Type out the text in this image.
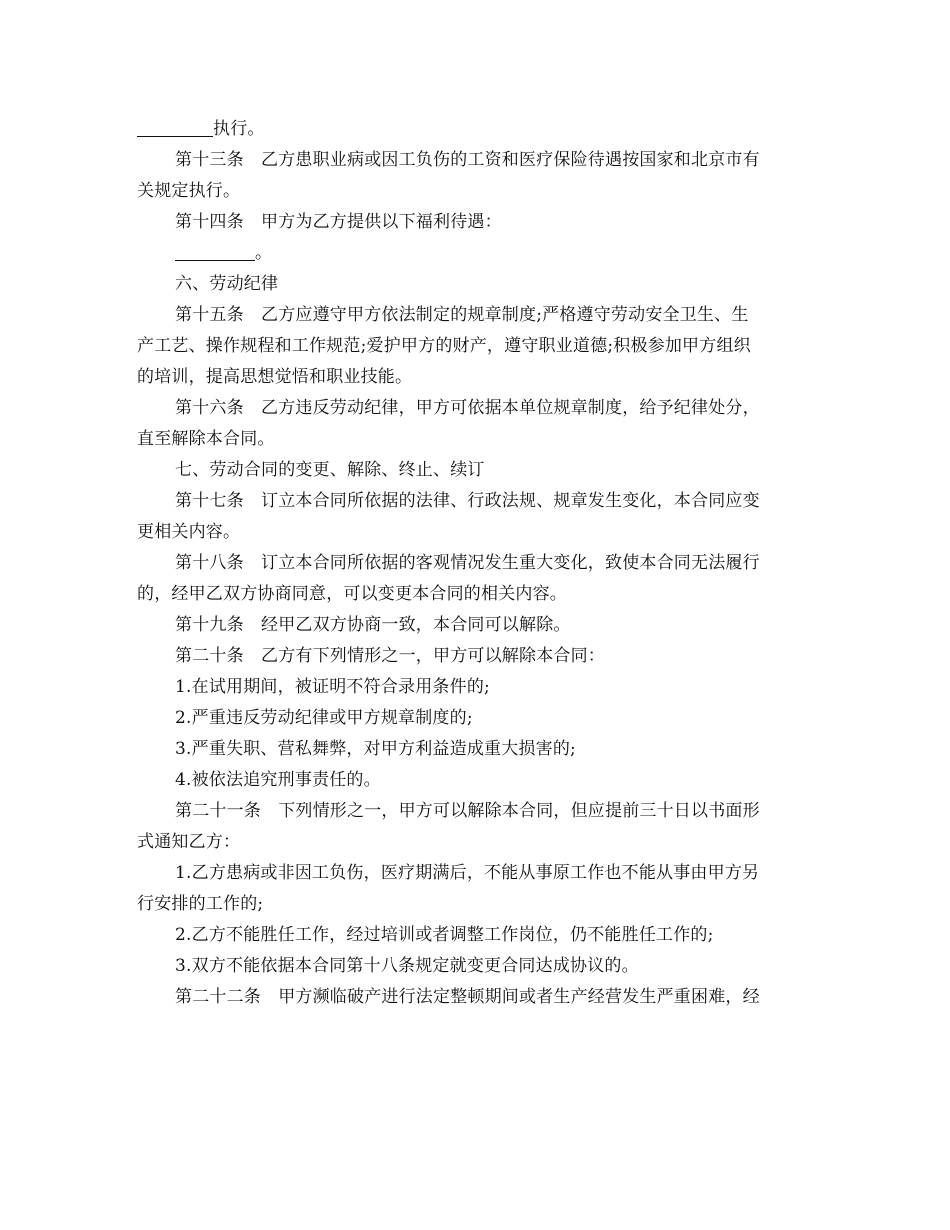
执行。
第十三条　乙方患职业病或因工负伤的工资和医疗保险待遇按国家和北京市有
关规定执行。
第十四条　甲方为乙方提供以下福利待遇：
。
六、劳动纪律
第十五条　乙方应遵守甲方依法制定的规章制度;严格遵守劳动安全卫生、生
产工艺、操作规程和工作规范;爱护甲方的财产，遵守职业道德;积极参加甲方组织
的培训，提高思想觉悟和职业技能。
第十六条　乙方违反劳动纪律，甲方可依据本单位规章制度，给予纪律处分，
直至解除本合同。
七、劳动合同的变更、解除、终止、续订
第十七条　订立本合同所依据的法律、行政法规、规章发生变化，本合同应变
更相关内容。
第十八条　订立本合同所依据的客观情况发生重大变化，致使本合同无法履行
的，经甲乙双方协商同意，可以变更本合同的相关内容。
第十九条　经甲乙双方协商一致，本合同可以解除。
第二十条　乙方有下列情形之一，甲方可以解除本合同：
1.在试用期间，被证明不符合录用条件的;
2.严重违反劳动纪律或甲方规章制度的;
3.严重失职、营私舞弊，对甲方利益造成重大损害的;
4.被依法追究刑事责任的。
第二十一条　下列情形之一，甲方可以解除本合同，但应提前三十日以书面形
式通知乙方：
1.乙方患病或非因工负伤，医疗期满后，不能从事原工作也不能从事由甲方另
行安排的工作的;
2.乙方不能胜任工作，经过培训或者调整工作岗位，仍不能胜任工作的;
3.双方不能依据本合同第十八条规定就变更合同达成协议的。
第二十二条　甲方濒临破产进行法定整顿期间或者生产经营发生严重困难，经
